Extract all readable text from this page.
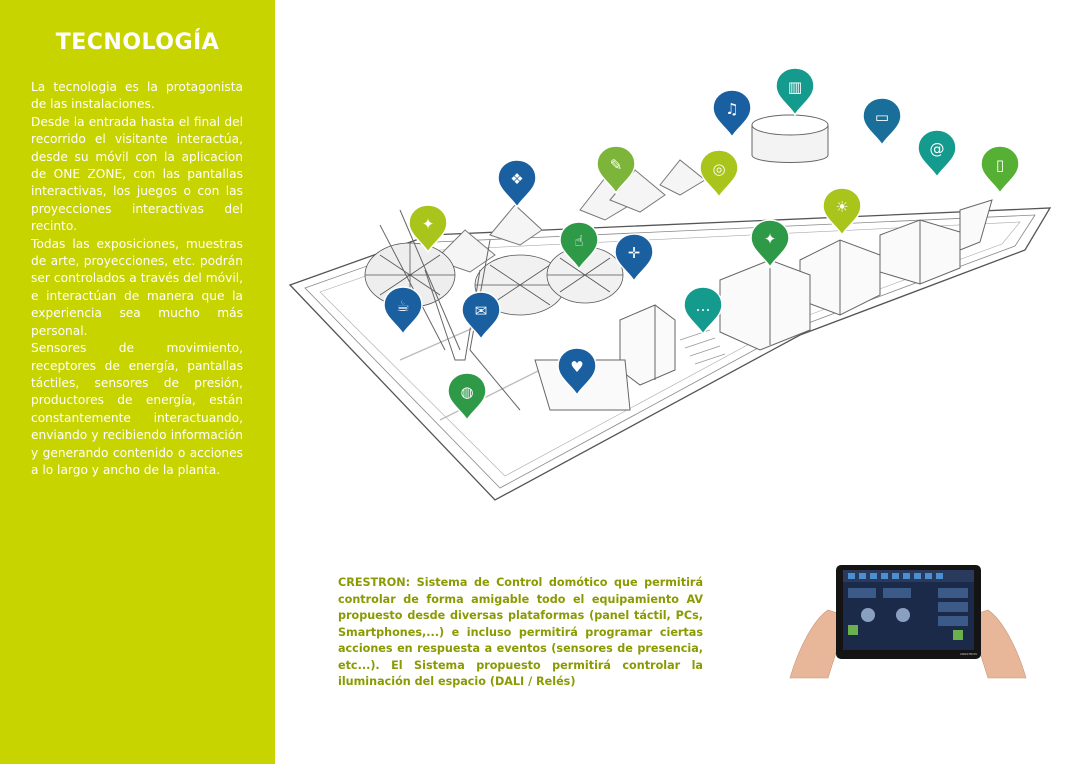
TECNOLOGÍA

La tecnologia es la protagonista de las instalaciones.

Desde la entrada hasta el final del recorrido el visitante interactúa, desde su móvil con la aplicacion de ONE ZONE, con las pantallas interactivas, los juegos o con las proyecciones interactivas del recinto.

Todas las exposiciones, muestras de arte, proyecciones, etc. podrán ser controlados a través del móvil, e interactúan de manera que la experiencia sea mucho más personal.

Sensores de movimiento, receptores de energía, pantallas táctiles, sensores de presión, productores de energía, están constantemente interactuando, enviando y recibiendo información y generando contenido o acciones a lo largo y ancho de la planta.

♫
▥
▭
@
▯
❖
✎	◎
☀
✦
☝
✛
✦
…
☕	✉
♥
◍

CRESTRON: Sistema de Control domótico que permitirá controlar de forma amigable todo el equipamiento AV propuesto desde diversas plataformas (panel táctil, PCs, Smartphones,...) e incluso permitirá programar ciertas acciones en respuesta a eventos (sensores de presencia, etc...). El Sistema propuesto permitirá controlar la iluminación del espacio (DALI / Relés)

CRESTRON
